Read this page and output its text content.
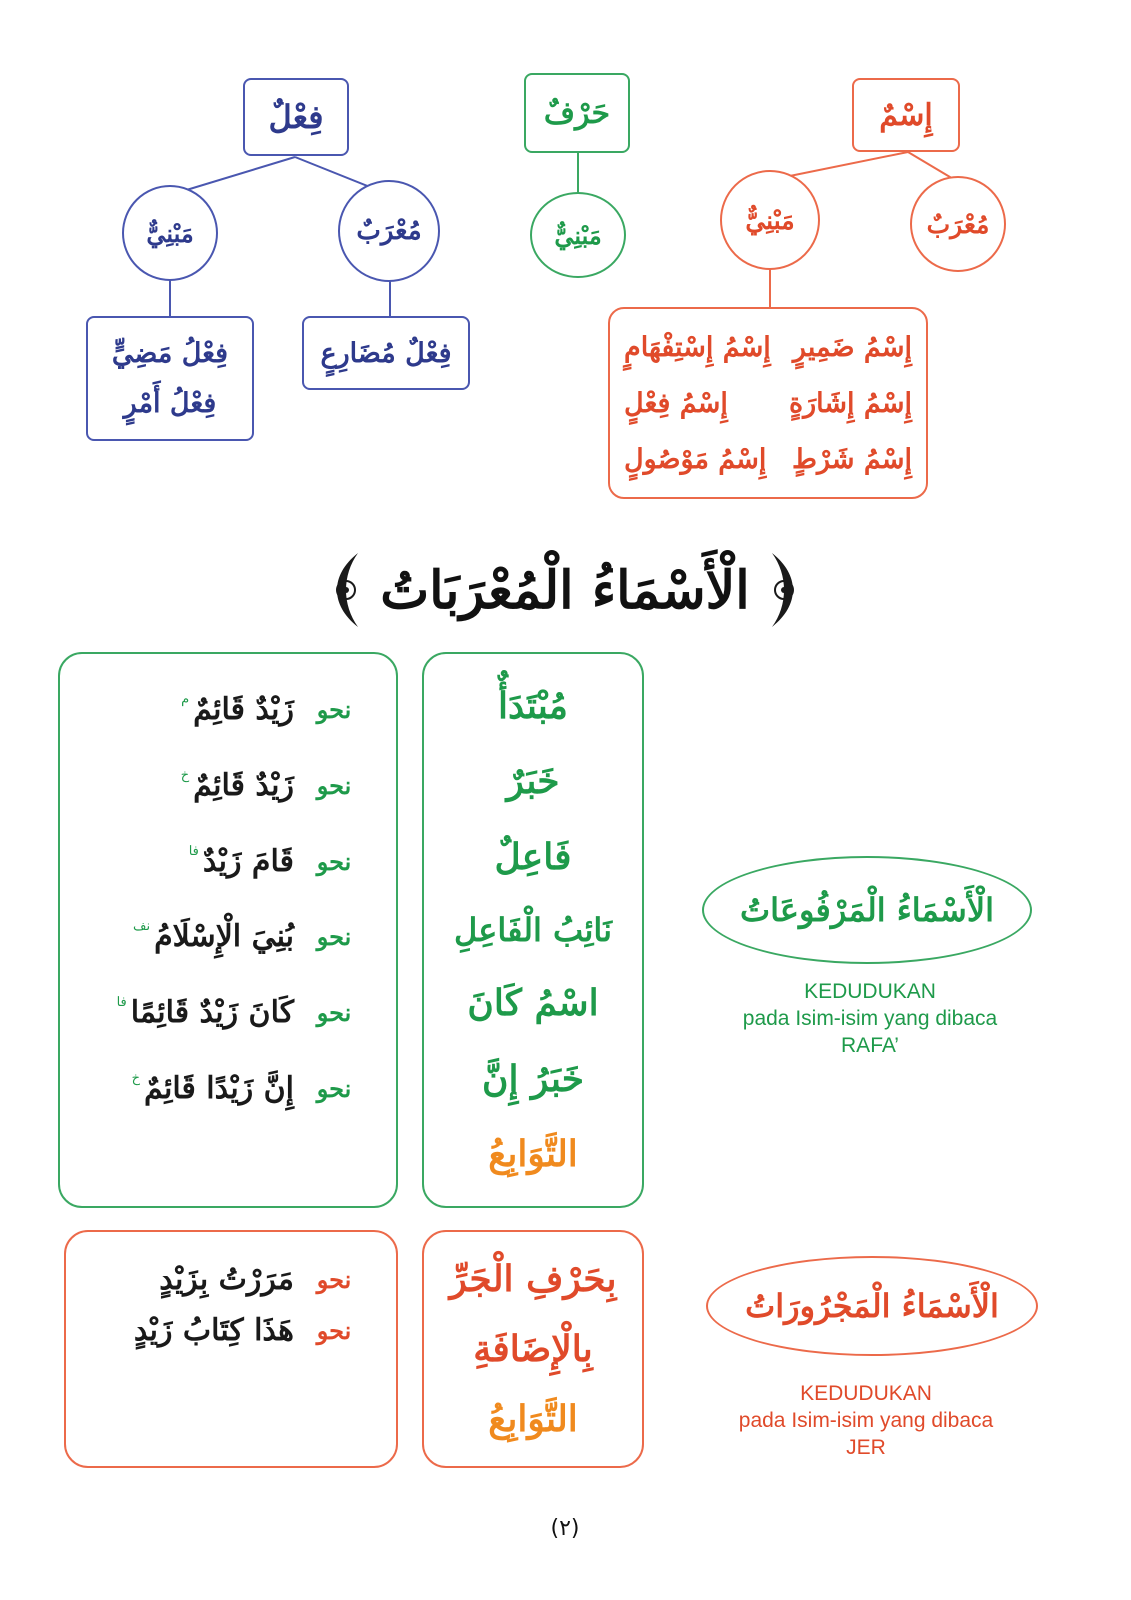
فِعْلٌ
مَبْنِيٌّ	مُعْرَبٌ
فِعْلٌ مُضَارِعٍ
فِعْلُ مَضِيٍّ
فِعْلُ أَمْرٍ
حَرْفٌ
مَبْنِيٌّ
إِسْمٌ
مَبْنِيٌّ	مُعْرَبٌ
إِسْمُ ضَمِيرٍ
إِسْمُ إِسْتِفْهَامٍ
إِسْمُ إِشَارَةٍ
إِسْمُ فِعْلٍ
إِسْمُ شَرْطٍ
إِسْمُ مَوْصُولٍ
الْأَسْمَاءُ الْمُعْرَبَاتُ
نحو
زَيْدٌ قَائِمٌ
م
نحو
زَيْدٌ قَائِمٌ
خ
نحو
قَامَ زَيْدٌ
فا
نحو
بُنِيَ الْإِسْلَامُ
نف
نحو
كَانَ زَيْدٌ قَائِمًا
فا
نحو
إِنَّ زَيْدًا قَائِمٌ
خ
مُبْتَدَأٌ
خَبَرٌ
فَاعِلٌ
نَائِبُ الْفَاعِلِ
اسْمُ كَانَ
خَبَرُ إِنَّ
التَّوَابِعُ
الْأَسْمَاءُ الْمَرْفُوعَاتُ
KEDUDUKAN
pada Isim-isim yang dibaca
RAFA’
نحو
مَرَرْتُ بِزَيْدٍ
نحو
هَذَا كِتَابُ زَيْدٍ
بِحَرْفِ الْجَرِّ
بِالْإِضَافَةِ
التَّوَابِعُ
الْأَسْمَاءُ الْمَجْرُورَاتُ
KEDUDUKAN
pada Isim-isim yang dibaca
JER
(٢)
